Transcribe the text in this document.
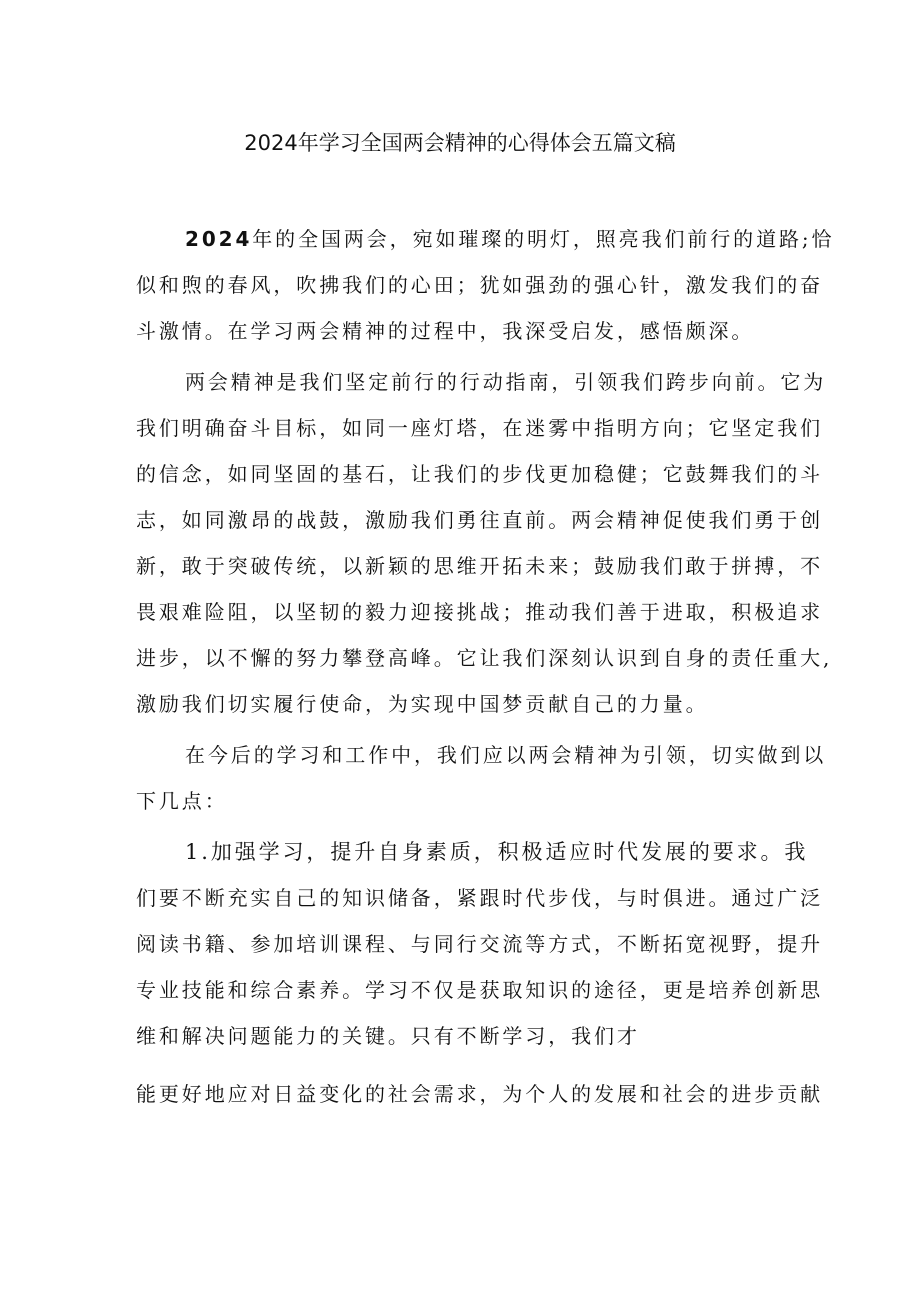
2024年学习全国两会精神的心得体会五篇文稿
2024年的全国两会，宛如璀璨的明灯，照亮我们前行的道路;恰
似和煦的春风，吹拂我们的心田；犹如强劲的强心针，激发我们的奋
斗激情。在学习两会精神的过程中，我深受启发，感悟颇深。
两会精神是我们坚定前行的行动指南，引领我们跨步向前。它为
我们明确奋斗目标，如同一座灯塔，在迷雾中指明方向；它坚定我们
的信念，如同坚固的基石，让我们的步伐更加稳健；它鼓舞我们的斗
志，如同激昂的战鼓，激励我们勇往直前。两会精神促使我们勇于创
新，敢于突破传统，以新颖的思维开拓未来；鼓励我们敢于拼搏，不
畏艰难险阻，以坚韧的毅力迎接挑战；推动我们善于进取，积极追求
进步，以不懈的努力攀登高峰。它让我们深刻认识到自身的责任重大,
激励我们切实履行使命，为实现中国梦贡献自己的力量。
在今后的学习和工作中，我们应以两会精神为引领，切实做到以
下几点：
1.加强学习，提升自身素质，积极适应时代发展的要求。我
们要不断充实自己的知识储备，紧跟时代步伐，与时俱进。通过广泛
阅读书籍、参加培训课程、与同行交流等方式，不断拓宽视野，提升
专业技能和综合素养。学习不仅是获取知识的途径，更是培养创新思
维和解决问题能力的关键。只有不断学习，我们才
能更好地应对日益变化的社会需求，为个人的发展和社会的进步贡献
